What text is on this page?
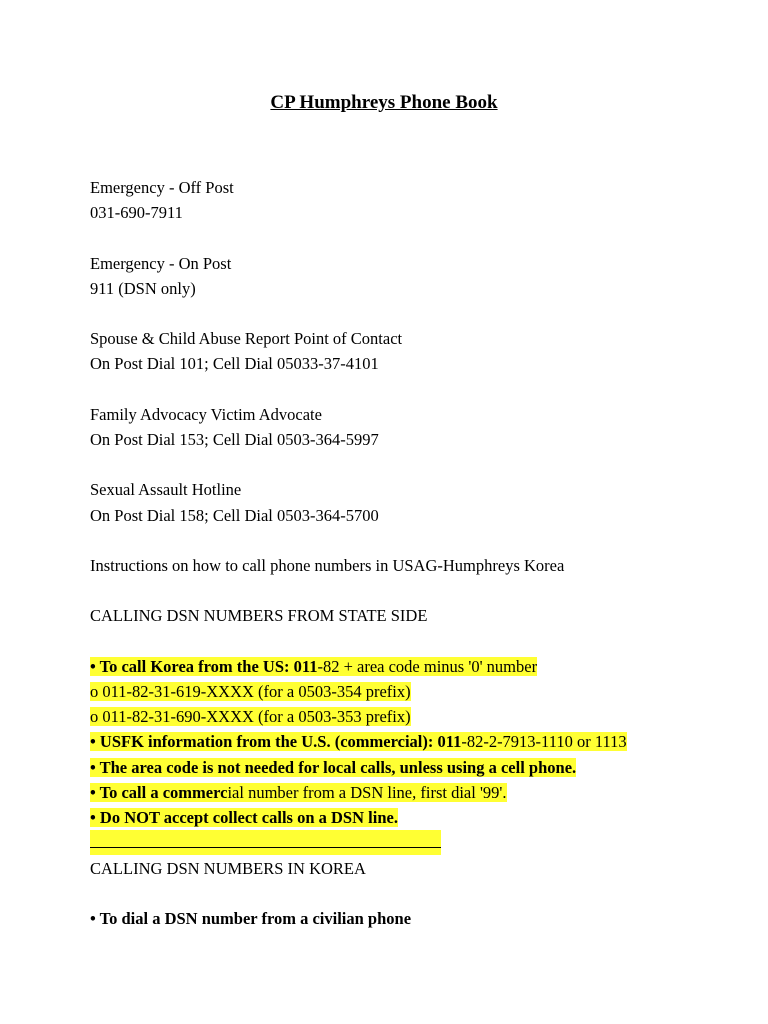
CP Humphreys Phone Book
Emergency - Off Post
031-690-7911
Emergency - On Post
911 (DSN only)
Spouse & Child Abuse Report Point of Contact
On Post Dial 101; Cell Dial 05033-37-4101
Family Advocacy Victim Advocate
On Post Dial 153; Cell Dial 0503-364-5997
Sexual Assault Hotline
On Post Dial 158; Cell Dial 0503-364-5700
Instructions on how to call phone numbers in USAG-Humphreys Korea
CALLING DSN NUMBERS FROM STATE SIDE
• To call Korea from the US: 011-82 + area code minus '0' number
o 011-82-31-619-XXXX (for a 0503-354 prefix)
o 011-82-31-690-XXXX (for a 0503-353 prefix)
• USFK information from the U.S. (commercial): 011-82-2-7913-1110 or 1113
• The area code is not needed for local calls, unless using a cell phone.
• To call a commercial number from a DSN line, first dial '99'.
• Do NOT accept collect calls on a DSN line.
CALLING DSN NUMBERS IN KOREA
• To dial a DSN number from a civilian phone
